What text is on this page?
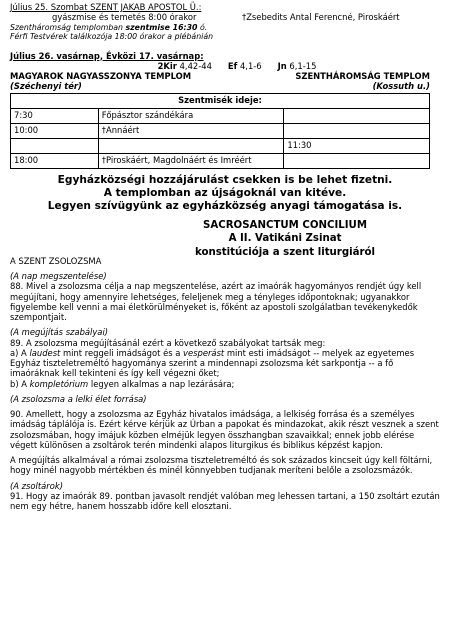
Július 25. Szombat SZENT JAKAB APOSTOL Ü.:
gyászmise és temetés 8:00 órakor	†Zsebedits Antal Ferencné, Piroskáért
Szentháromság templomban szentmise 16:30 ó.
Férfi Testvérek találkozója 18:00 órakor a plébánián
Július 26. vasárnap, Évközi 17. vasárnap:
2Kir 4,42-44 Ef 4,1-6 Jn 6,1-15
MAGYAROK NAGYASSZONYA TEMPLOM	SZENTHÁROMSÁG TEMPLOM
(Széchenyi tér)	(Kossuth u.)
Szentmisék ideje:		
7:30	Főpásztor szándékára	
10:00	†Annáért	
		11:30
18:00	†Piroskáért, Magdolnáért és Imréért	
Egyházközségi hozzájárulást csekken is be lehet fizetni.
A templomban az újságoknál van kitéve.
Legyen szívügyünk az egyházközség anyagi támogatása is.
SACROSANCTUM CONCILIUM
A II. Vatikáni Zsinat
konstitúciója a szent liturgiáról
A SZENT ZSOLOZSMA

(A nap megszentelése)

88. Mivel a zsolozsma célja a nap megszentelése, azért az imaórák hagyományos rendjét úgy kell megújítani, hogy amennyire lehetséges, feleljenek meg a tényleges időpontoknak; ugyanakkor figyelembe kell venni a mai életkörülményeket is, főként az apostoli szolgálatban tevékenykedők szempontjait.

(A megújítás szabályai)

89. A zsolozsma megújításánál ezért a következő szabályokat tartsák meg:

a) A laudest mint reggeli imádságot és a vesperást mint esti imádságot -- melyek az egyetemes Egyház tiszteletreméltó hagyománya szerint a mindennapi zsolozsma két sarkpontja -- a fő imaóráknak kell tekinteni és így kell végezni őket;

b) A kompletórium legyen alkalmas a nap lezárására;

(A zsolozsma a lelki élet forrása)

90. Amellett, hogy a zsolozsma az Egyház hivatalos imádsága, a lelkiség forrása és a személyes imádság táplálója is. Ezért kérve kérjük az Úrban a papokat és mindazokat, akik részt vesznek a szent zsolozsmában, hogy imájuk közben elméjük legyen összhangban szavaikkal; ennek jobb elérése végett különösen a zsoltárok terén mindenki alapos liturgikus és biblikus képzést kapjon.

A megújítás alkalmával a római zsolozsma tiszteletreméltó és sok százados kincseit úgy kell föltárni, hogy minél nagyobb mértékben és minél könnyebben tudjanak meríteni belőle a zsolozsmázók.

(A zsoltárok)

91. Hogy az imaórák 89. pontban javasolt rendjét valóban meg lehessen tartani, a 150 zsoltárt ezután nem egy hétre, hanem hosszabb időre kell elosztani.
